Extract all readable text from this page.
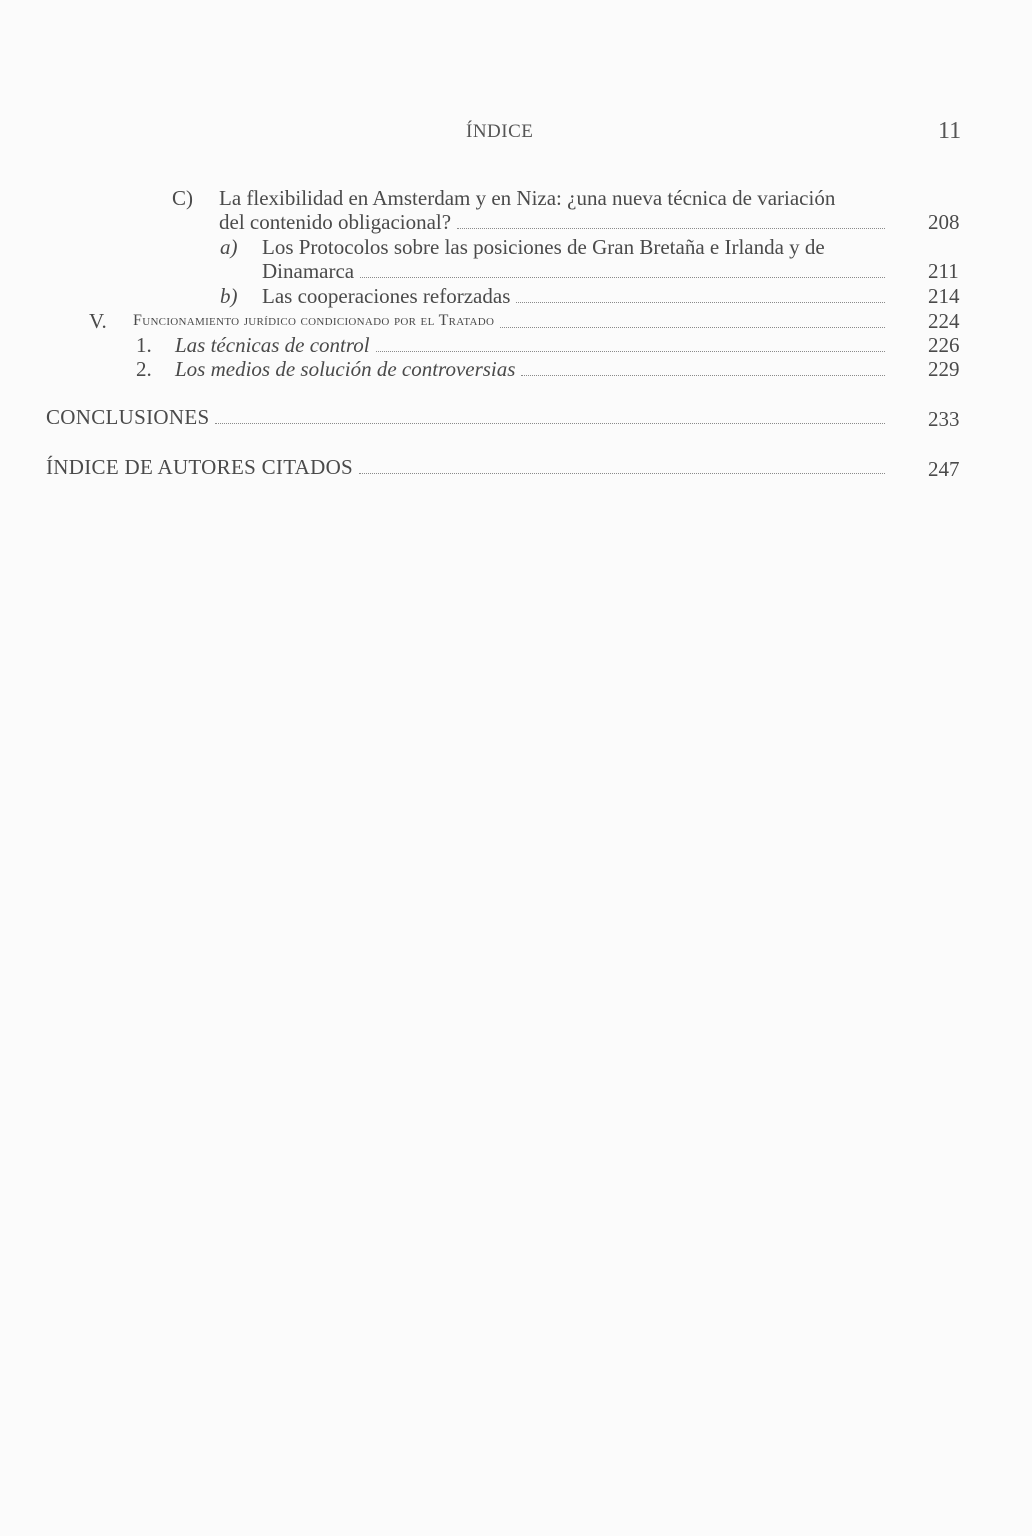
ÍNDICE	11
C) La flexibilidad en Amsterdam y en Niza: ¿una nueva técnica de variación
del contenido obligacional?	208
a) Los Protocolos sobre las posiciones de Gran Bretaña e Irlanda y de
Dinamarca	211
b) Las cooperaciones reforzadas	214
V. Funcionamiento jurídico condicionado por el Tratado	224
1. Las técnicas de control	226
2. Los medios de solución de controversias	229
CONCLUSIONES	233
ÍNDICE DE AUTORES CITADOS	247
